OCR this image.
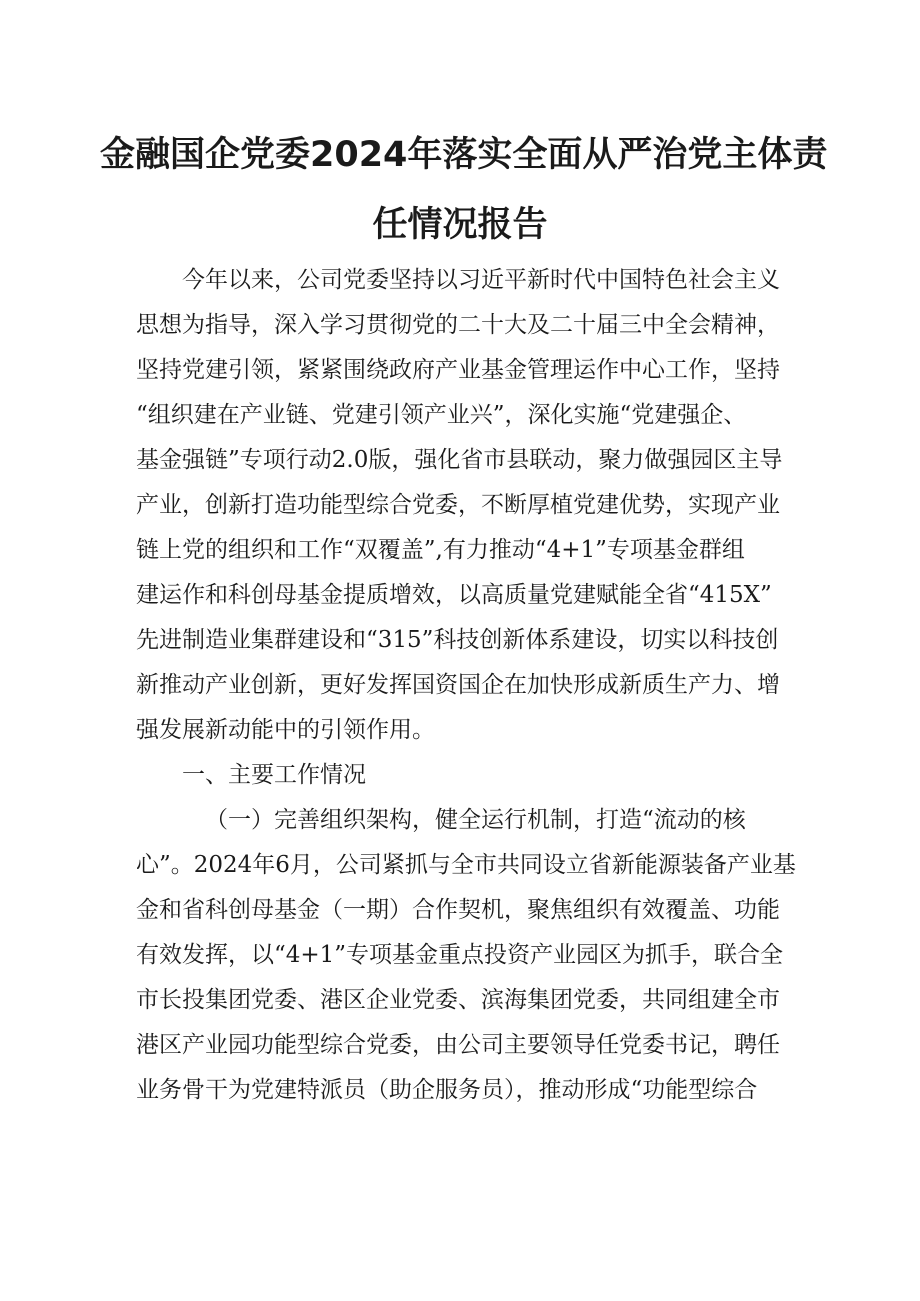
金融国企党委2024年落实全面从严治党主体责
任情况报告
今年以来，公司党委坚持以习近平新时代中国特色社会主义
思想为指导，深入学习贯彻党的二十大及二十届三中全会精神，
坚持党建引领，紧紧围绕政府产业基金管理运作中心工作，坚持
“组织建在产业链、党建引领产业兴”，深化实施“党建强企、
基金强链”专项行动2.0版，强化省市县联动，聚力做强园区主导
产业，创新打造功能型综合党委，不断厚植党建优势，实现产业
链上党的组织和工作“双覆盖”,有力推动“4+1”专项基金群组
建运作和科创母基金提质增效，以高质量党建赋能全省“415X”
先进制造业集群建设和“315”科技创新体系建设，切实以科技创
新推动产业创新，更好发挥国资国企在加快形成新质生产力、增
强发展新动能中的引领作用。
一、主要工作情况
（一）完善组织架构，健全运行机制，打造“流动的核
心”。2024年6月，公司紧抓与全市共同设立省新能源装备产业基
金和省科创母基金（一期）合作契机，聚焦组织有效覆盖、功能
有效发挥，以“4+1”专项基金重点投资产业园区为抓手，联合全
市长投集团党委、港区企业党委、滨海集团党委，共同组建全市
港区产业园功能型综合党委，由公司主要领导任党委书记，聘任
业务骨干为党建特派员（助企服务员），推动形成“功能型综合
